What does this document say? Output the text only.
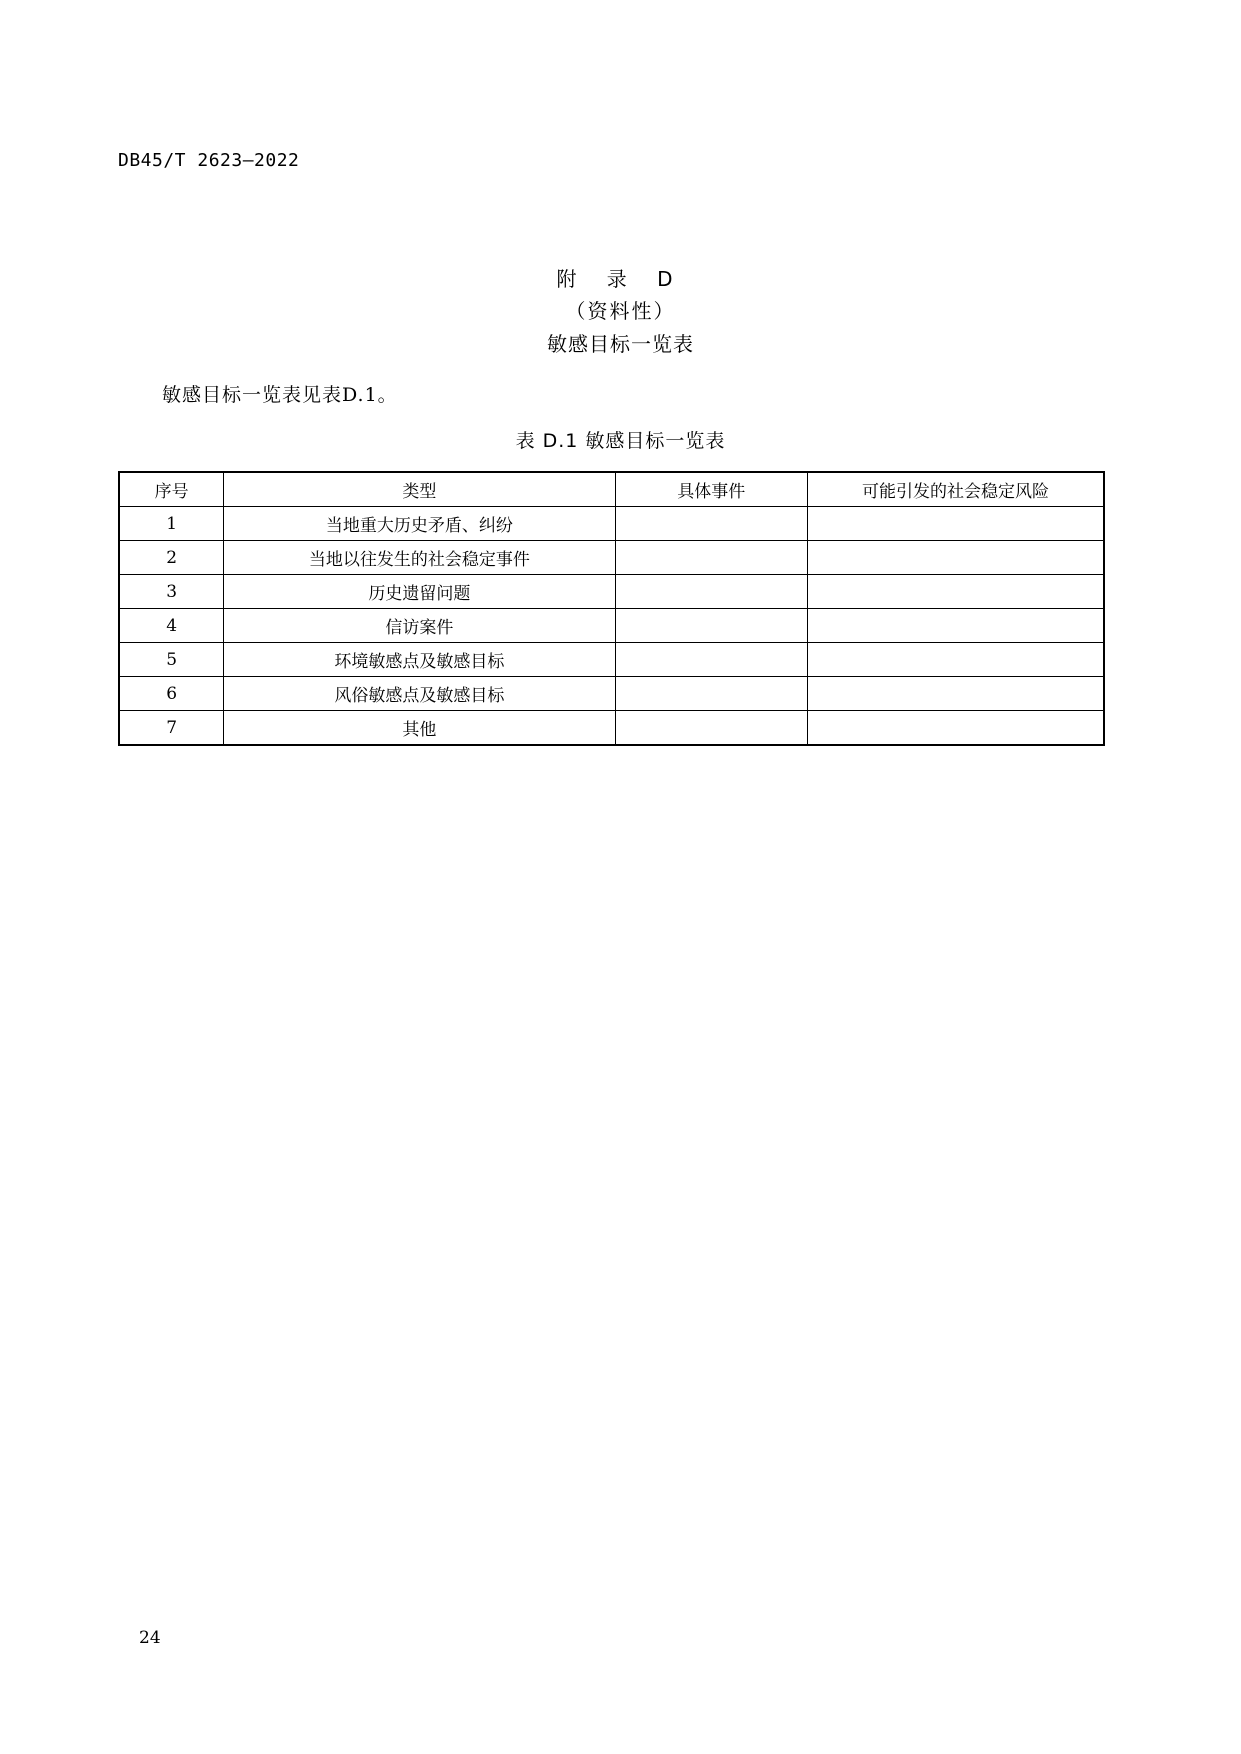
DB45/T 2623—2022
附 录 D
（资料性）
敏感目标一览表
敏感目标一览表见表D.1。
表 D.1 敏感目标一览表
序号	类型	具体事件	可能引发的社会稳定风险
1	当地重大历史矛盾、纠纷		
2	当地以往发生的社会稳定事件		
3	历史遗留问题		
4	信访案件		
5	环境敏感点及敏感目标		
6	风俗敏感点及敏感目标		
7	其他		
24
